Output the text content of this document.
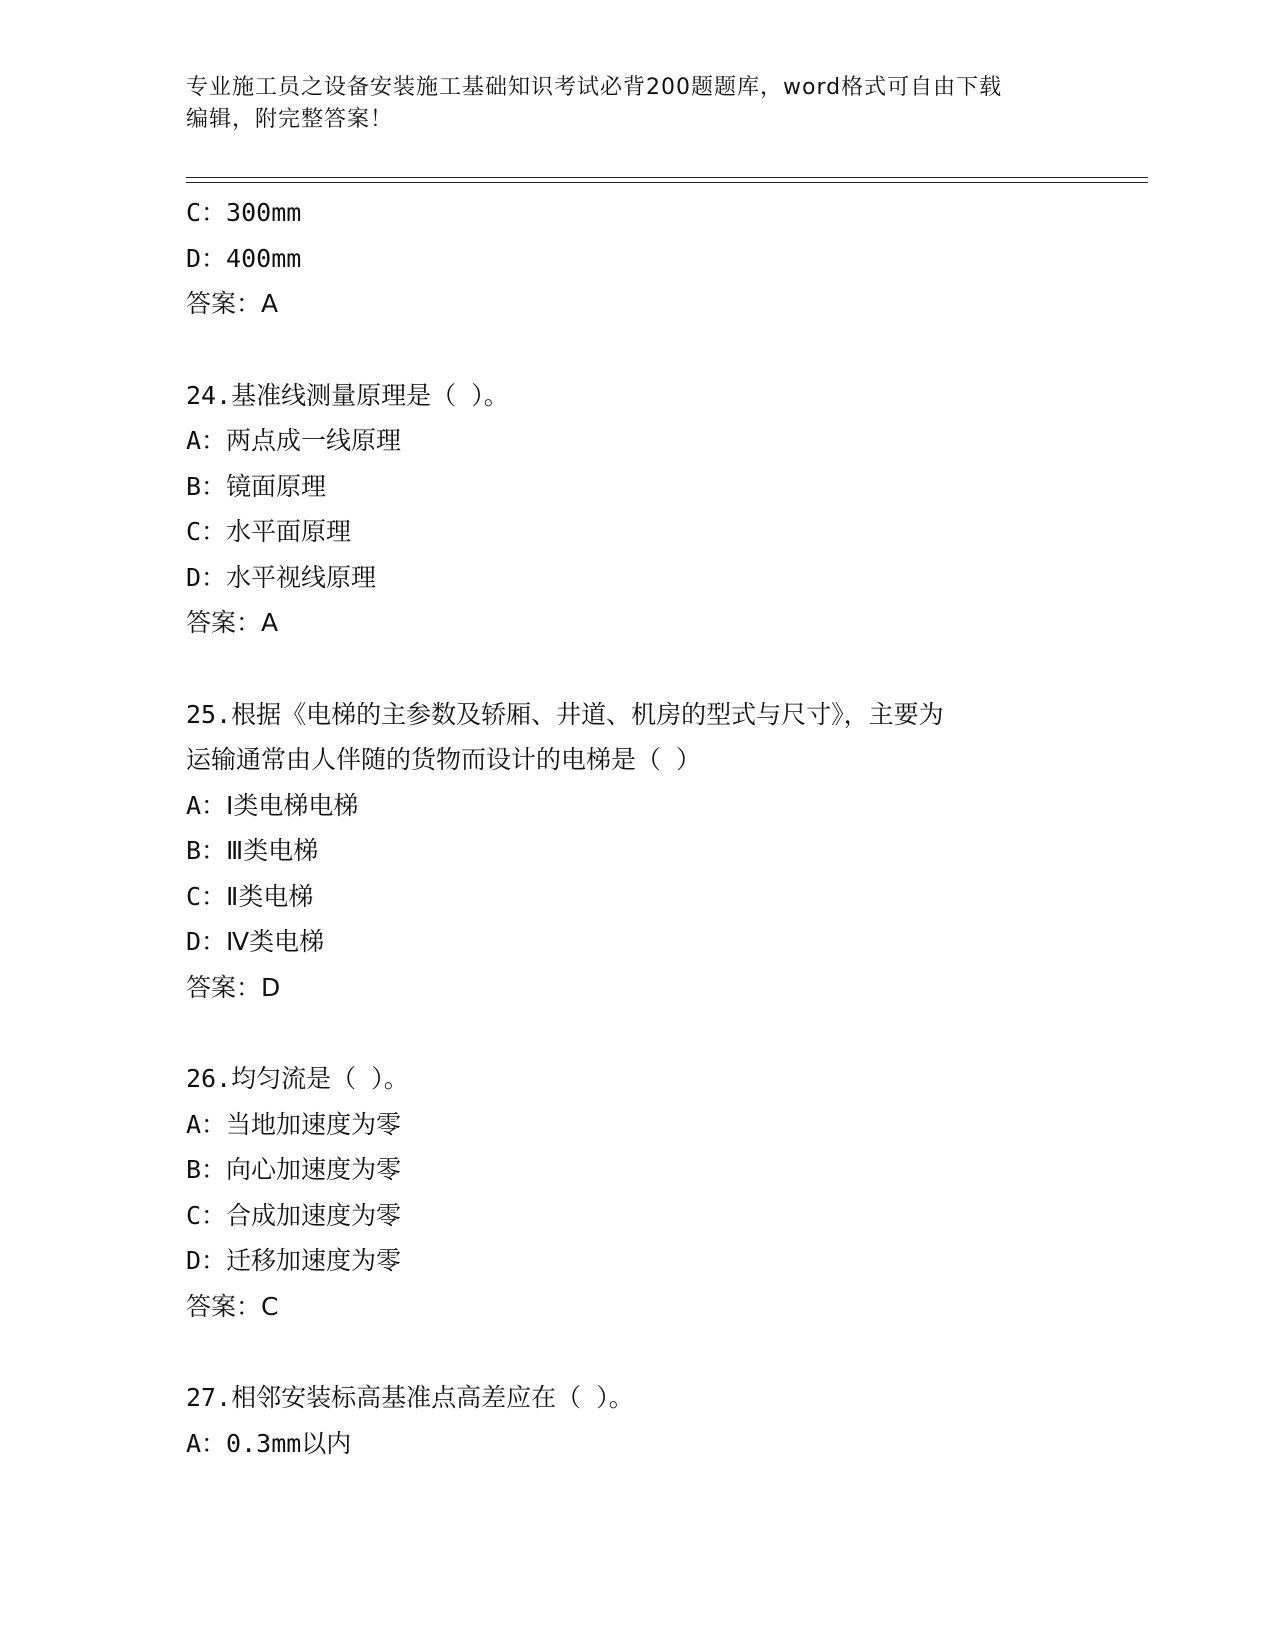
专业施工员之设备安装施工基础知识考试必背200题题库，word格式可自由下载
编辑，附完整答案！
C：300mm
D：400mm
答案：A
24.基准线测量原理是（ ）。
A：两点成一线原理
B：镜面原理
C：水平面原理
D：水平视线原理
答案：A
25.根据《电梯的主参数及轿厢、井道、机房的型式与尺寸》，主要为
运输通常由人伴随的货物而设计的电梯是（ ）
A：Ⅰ类电梯电梯
B：Ⅲ类电梯
C：Ⅱ类电梯
D：Ⅳ类电梯
答案：D
26.均匀流是（ ）。
A：当地加速度为零
B：向心加速度为零
C：合成加速度为零
D：迁移加速度为零
答案：C
27.相邻安装标高基准点高差应在（ ）。
A：0.3mm以内
